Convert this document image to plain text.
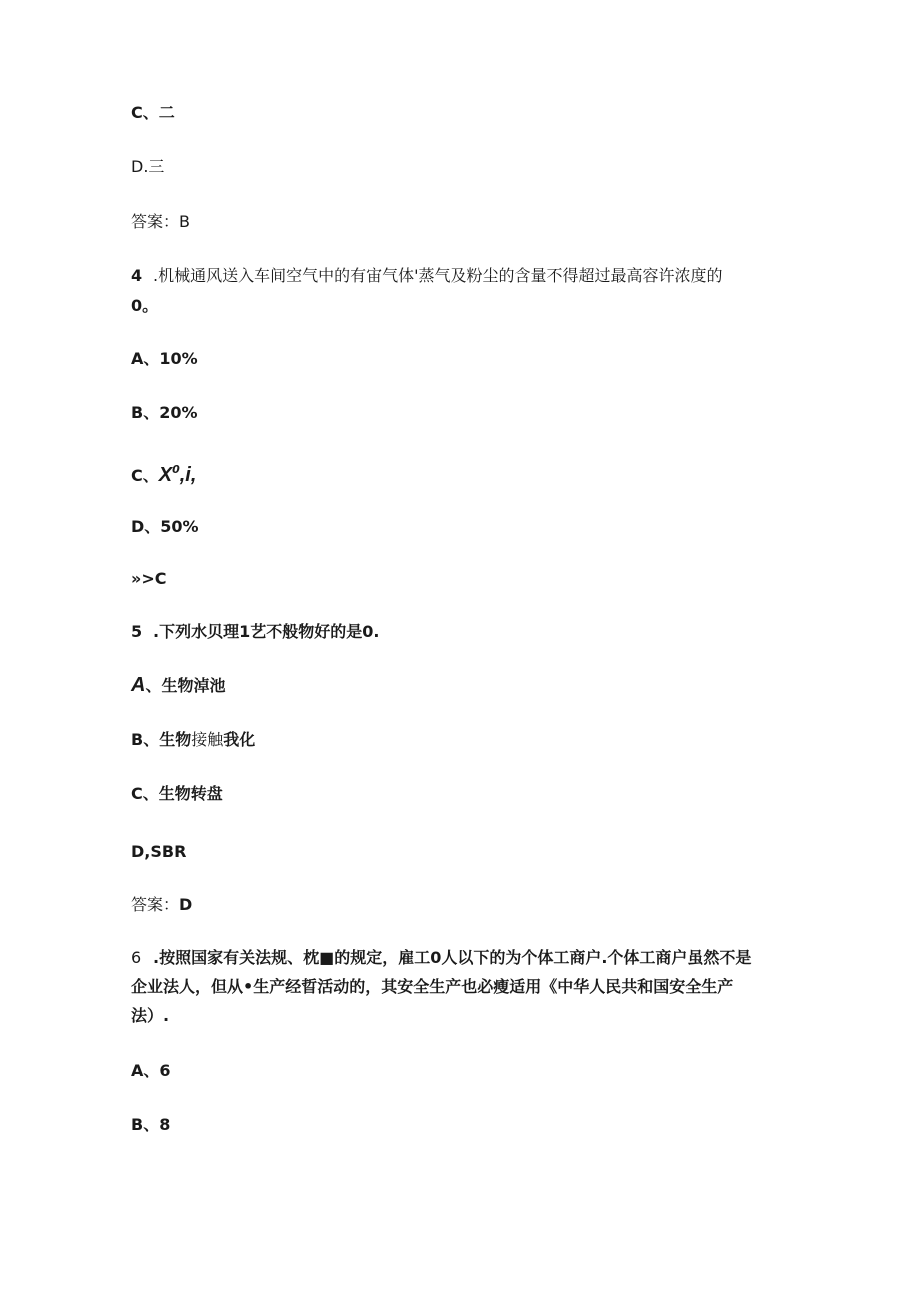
C、二
D.三
答案：B
4 .机械通风送入车间空气中的有宙气体'蒸气及粉尘的含量不得超过最高容许浓度的
0。
A、10%
B、20%
C、$X^0,i$,
D、50%
»>C
5 .下列水贝理1艺不般物好的是0.
A、生物淖池
B、生物接触我化
C、生物转盘
D,SBR
答案：D
6 .按照国家有关法规、枕■的规定，雇工0人以下的为个体工商户.个体工商户虽然不是
企业法人，但从•生产经晢活动的，其安全生产也必瘦适用《中华人民共和国安全生产
法）.
A、6
B、8
